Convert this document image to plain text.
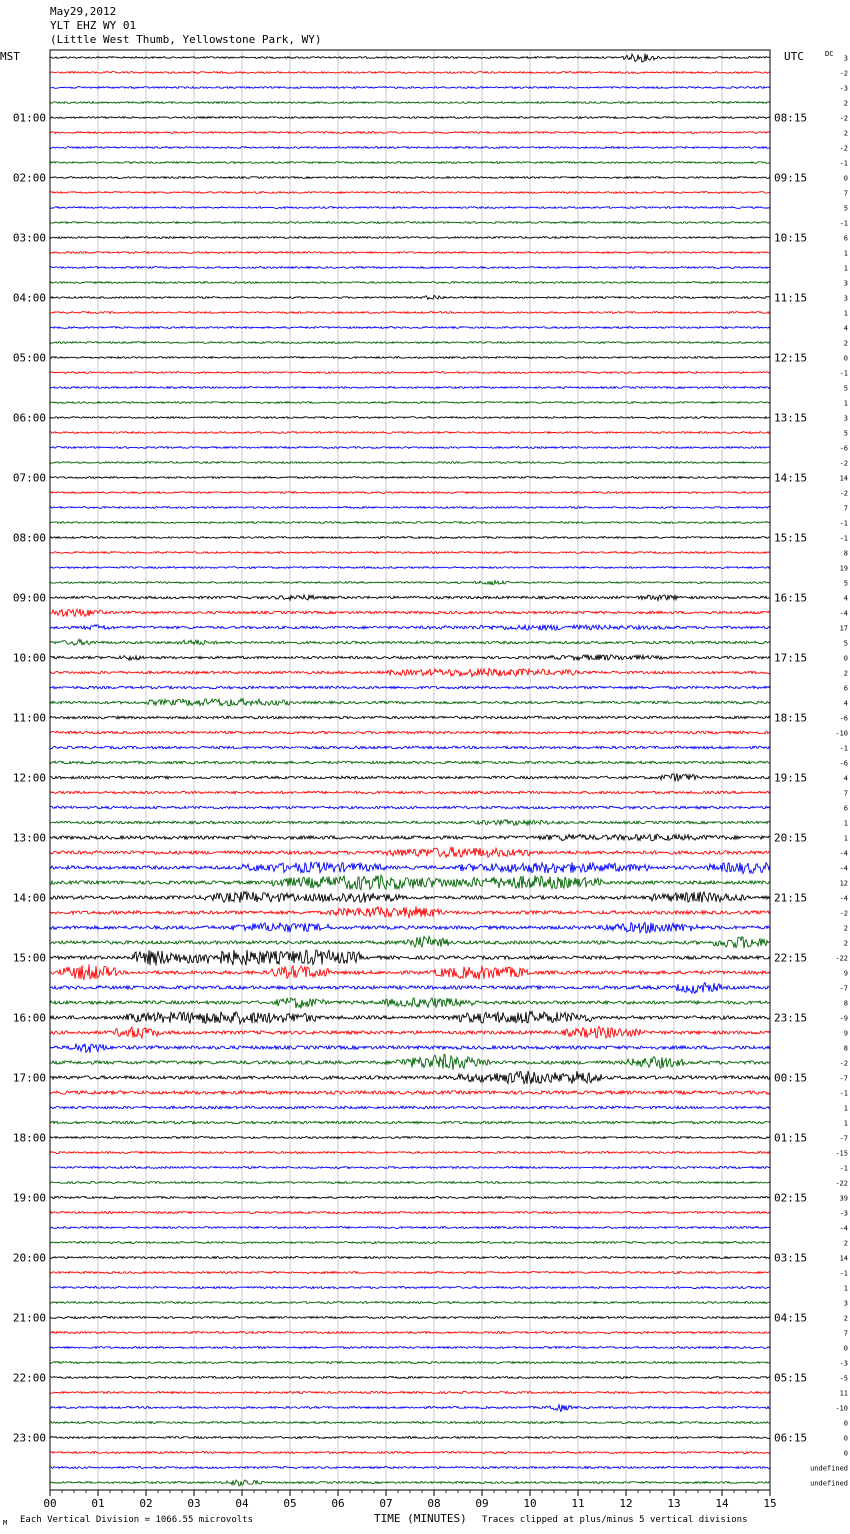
May29,2012
YLT EHZ WY 01
(Little West Thumb, Yellowstone Park, WY)
3
-2
-3
2
-2
2
-2
-1
0
7
5
-1
6
1
1
3
3
1
4
2
0
-1
5
1
3
5
-6
-2
14
-2
7
-1
-1
8
19
5
4
-4
17
5
0
2
6
4
-6
-10
-1
-6
4
7
6
1
1
-4
-4
12
-4
-2
2
2
-22
9
-7
8
-9
9
8
-2
-7
-1
1
1
-7
-15
-1
-22
39
-3
-4
2
14
-1
1
3
2
7
0
-3
-5
11
-10
0
0
0
undefined
undefined
MST	UTC	DC
01:00
02:00
03:00
04:00
05:00
06:00
07:00
08:00
09:00
10:00
11:00
12:00
13:00
14:00
15:00
16:00
17:00
18:00
19:00
20:00
21:00
22:00
23:00
08:15
09:15
10:15
11:15
12:15
13:15
14:15
15:15
16:15
17:15
18:15
19:15
20:15
21:15
22:15
23:15
00:15
01:15
02:15
03:15
04:15
05:15
06:15
00	01	02	03	04	05	06	07	08	09	10	11	12	13	14	15
M Each Vertical Division = 1066.55 microvolts	TIME (MINUTES) Traces clipped at plus/minus 5 vertical divisions
